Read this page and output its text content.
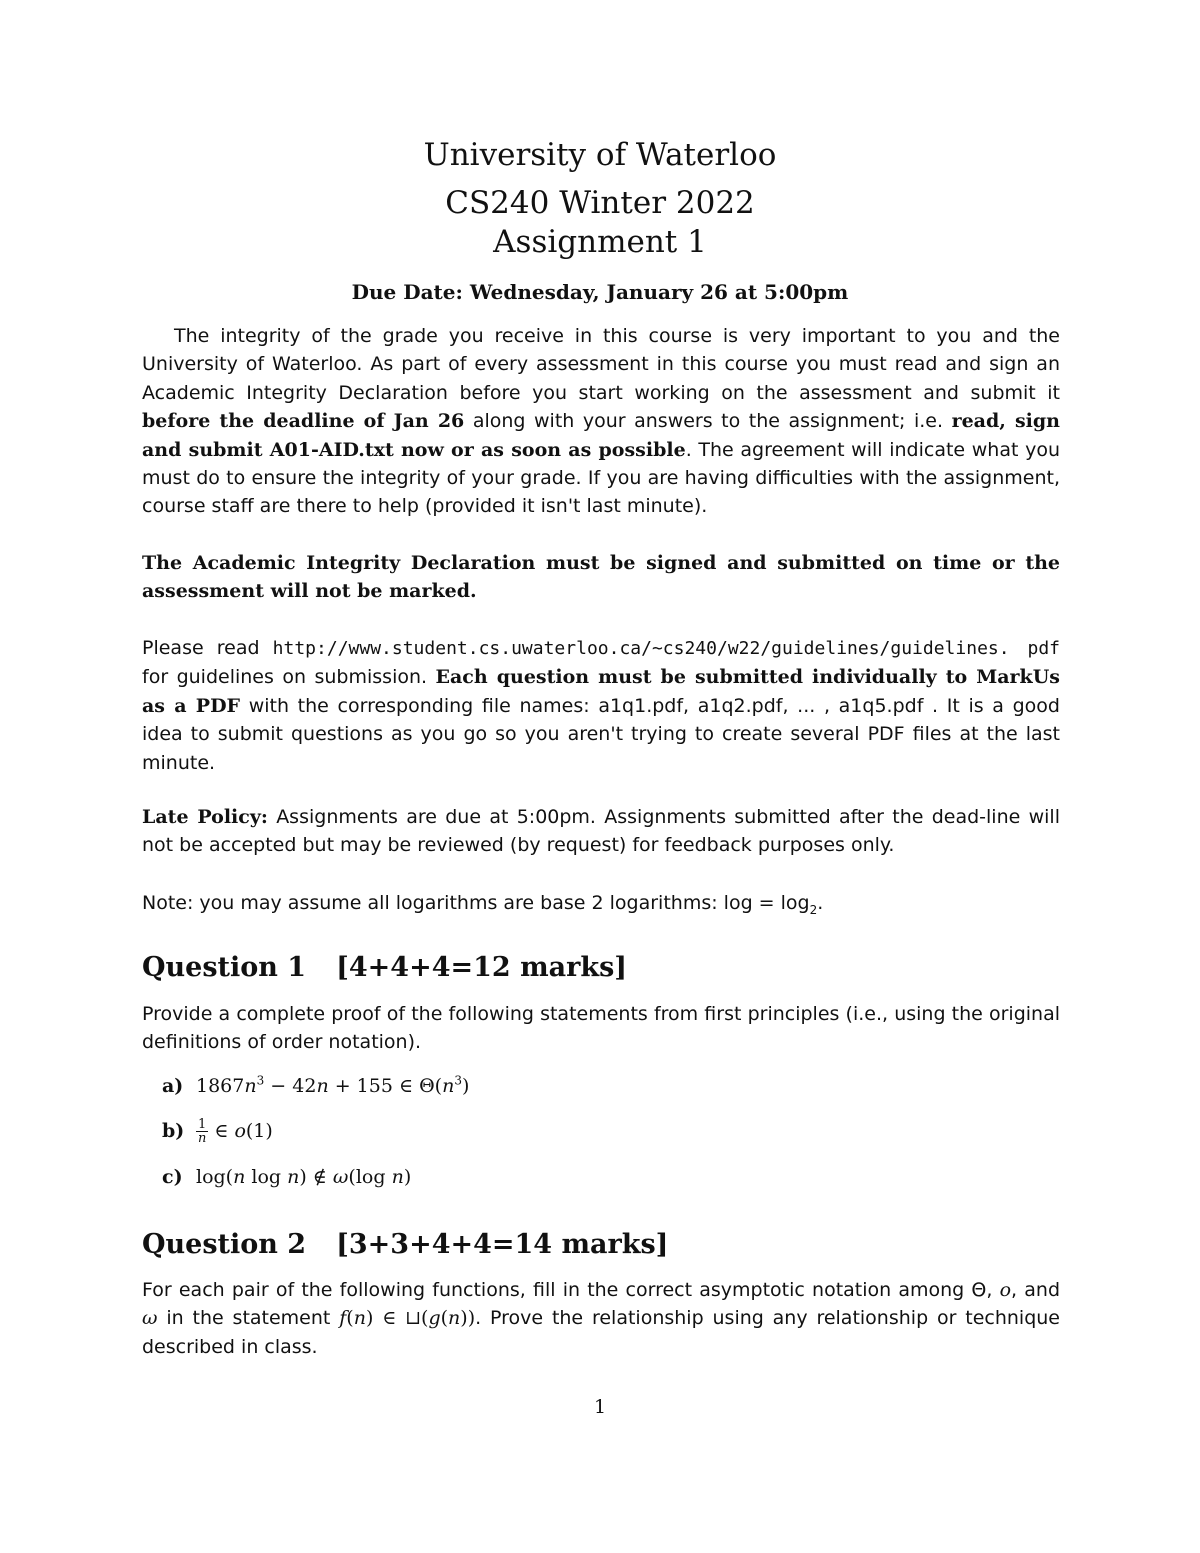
University of Waterloo
CS240 Winter 2022
Assignment 1
Due Date: Wednesday, January 26 at 5:00pm

The integrity of the grade you receive in this course is very important to you and the University of Waterloo. As part of every assessment in this course you must read and sign an Academic Integrity Declaration before you start working on the assessment and submit it before the deadline of Jan 26 along with your answers to the assignment; i.e. read, sign and submit A01-AID.txt now or as soon as possible. The agreement will indicate what you must do to ensure the integrity of your grade. If you are having difficulties with the assignment, course staff are there to help (provided it isn't last minute).

The Academic Integrity Declaration must be signed and submitted on time or the assessment will not be marked.

Please read http://www.student.cs.uwaterloo.ca/~cs240/w22/guidelines/guidelines. pdf for guidelines on submission. Each question must be submitted individually to MarkUs as a PDF with the corresponding file names: a1q1.pdf, a1q2.pdf, ... , a1q5.pdf . It is a good idea to submit questions as you go so you aren't trying to create several PDF files at the last minute.

Late Policy: Assignments are due at 5:00pm. Assignments submitted after the dead-line will not be accepted but may be reviewed (by request) for feedback purposes only.

Note: you may assume all logarithms are base 2 logarithms: $\log = \log_2$.

Question 1 [4+4+4=12 marks]

Provide a complete proof of the following statements from first principles (i.e., using the original definitions of order notation).

a) $1867n^3 - 42n + 155$ ∈ $\Theta(n^3)$
$b) \frac{1}{n}$ ∈ o(1)
c) log(n log n) ∉ ω(log n)
Question 2 [3+3+4+4=14 marks]

For each pair of the following functions, fill in the correct asymptotic notation among Θ, o, and ω in the statement f(n) ∈ ⊔(g(n)). Prove the relationship using any relationship or technique described in class.

1
